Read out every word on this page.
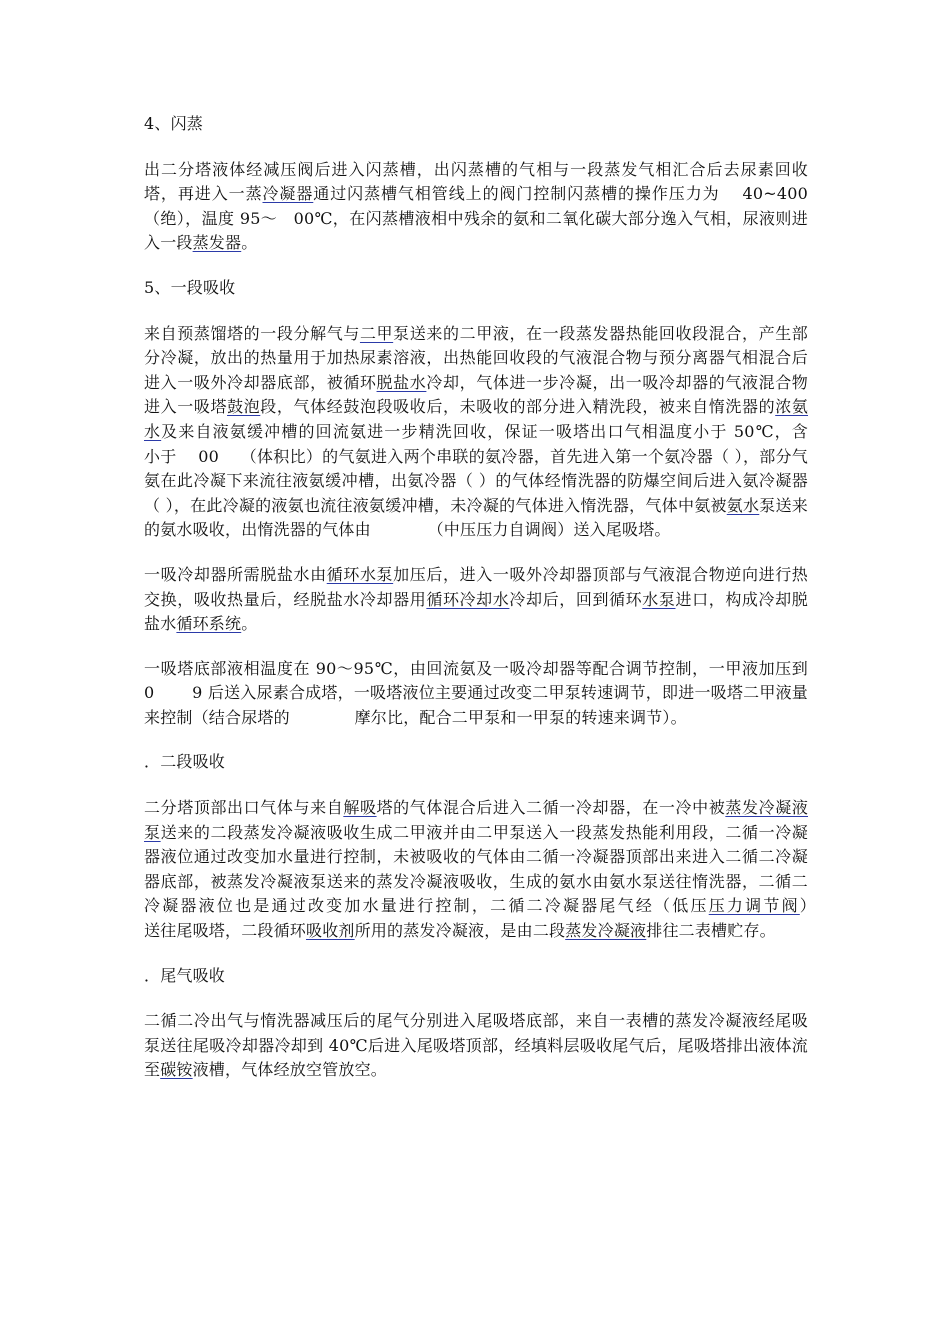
4、闪蒸

出二分塔液体经减压阀后进入闪蒸槽，出闪蒸槽的气相与一段蒸发气相汇合后去尿素回收塔，再进入一蒸冷凝器通过闪蒸槽气相管线上的阀门控制闪蒸槽的操作压力为　 40~400　　（绝），温度 95～　00℃，在闪蒸槽液相中残余的氨和二氧化碳大部分逸入气相，尿液则进入一段蒸发器。

5、一段吸收

来自预蒸馏塔的一段分解气与二甲泵送来的二甲液，在一段蒸发器热能回收段混合，产生部分冷凝，放出的热量用于加热尿素溶液，出热能回收段的气液混合物与预分离器气相混合后进入一吸外冷却器底部，被循环脱盐水冷却，气体进一步冷凝，出一吸冷却器的气液混合物进入一吸塔鼓泡段，气体经鼓泡段吸收后，未吸收的部分进入精洗段，被来自惰洗器的浓氨水及来自液氨缓冲槽的回流氨进一步精洗回收，保证一吸塔出口气相温度小于 50℃，含　　小于　 00　 （体积比）的气氨进入两个串联的氨冷器，首先进入第一个氨冷器（ ），部分气氨在此冷凝下来流往液氨缓冲槽，出氨冷器（ ）的气体经惰洗器的防爆空间后进入氨冷凝器（ ），在此冷凝的液氨也流往液氨缓冲槽，未冷凝的气体进入惰洗器，气体中氨被氨水泵送来的氨水吸收，出惰洗器的气体由　　　　（中压压力自调阀）送入尾吸塔。

一吸冷却器所需脱盐水由循环水泵加压后，进入一吸外冷却器顶部与气液混合物逆向进行热交换，吸收热量后，经脱盐水冷却器用循环冷却水冷却后，回到循环水泵进口，构成冷却脱盐水循环系统。

一吸塔底部液相温度在 90～95℃，由回流氨及一吸冷却器等配合调节控制，一甲液加压到　 0　　 9 后送入尿素合成塔，一吸塔液位主要通过改变二甲泵转速调节，即进一吸塔二甲液量来控制（结合尿塔的　　　　摩尔比，配合二甲泵和一甲泵的转速来调节）。

．二段吸收

二分塔顶部出口气体与来自解吸塔的气体混合后进入二循一冷却器，在一冷中被蒸发冷凝液泵送来的二段蒸发冷凝液吸收生成二甲液并由二甲泵送入一段蒸发热能利用段，二循一冷凝器液位通过改变加水量进行控制，未被吸收的气体由二循一冷凝器顶部出来进入二循二冷凝器底部，被蒸发冷凝液泵送来的蒸发冷凝液吸收，生成的氨水由氨水泵送往惰洗器，二循二冷凝器液位也是通过改变加水量进行控制，二循二冷凝器尾气经（低压压力调节阀）　　　　 送往尾吸塔，二段循环吸收剂所用的蒸发冷凝液，是由二段蒸发冷凝液排往二表槽贮存。

．尾气吸收

二循二冷出气与惰洗器减压后的尾气分别进入尾吸塔底部，来自一表槽的蒸发冷凝液经尾吸泵送往尾吸冷却器冷却到 40℃后进入尾吸塔顶部，经填料层吸收尾气后，尾吸塔排出液体流至碳铵液槽，气体经放空管放空。
